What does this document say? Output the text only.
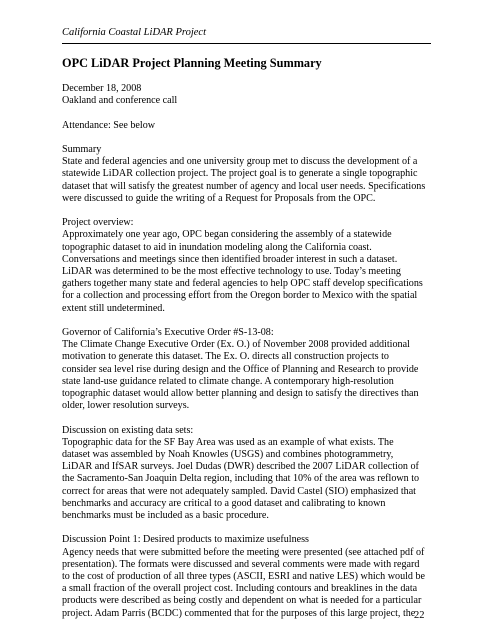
California Coastal LiDAR Project
OPC LiDAR Project Planning Meeting Summary
December 18, 2008
Oakland and conference call
Attendance: See below
Summary
State and federal agencies and one university group met to discuss the development of a
statewide LiDAR collection project. The project goal is to generate a single topographic
dataset that will satisfy the greatest number of agency and local user needs. Specifications
were discussed to guide the writing of a Request for Proposals from the OPC.
Project overview:
Approximately one year ago, OPC began considering the assembly of a statewide
topographic dataset to aid in inundation modeling along the California coast.
Conversations and meetings since then identified broader interest in such a dataset.
LiDAR was determined to be the most effective technology to use. Today’s meeting
gathers together many state and federal agencies to help OPC staff develop specifications
for a collection and processing effort from the Oregon border to Mexico with the spatial
extent still undetermined.
Governor of California’s Executive Order #S-13-08:
The Climate Change Executive Order (Ex. O.) of November 2008 provided additional
motivation to generate this dataset. The Ex. O. directs all construction projects to
consider sea level rise during design and the Office of Planning and Research to provide
state land-use guidance related to climate change. A contemporary high-resolution
topographic dataset would allow better planning and design to satisfy the directives than
older, lower resolution surveys.
Discussion on existing data sets:
Topographic data for the SF Bay Area was used as an example of what exists. The
dataset was assembled by Noah Knowles (USGS) and combines photogrammetry,
LiDAR and IfSAR surveys. Joel Dudas (DWR) described the 2007 LiDAR collection of
the Sacramento-San Joaquin Delta region, including that 10% of the area was reflown to
correct for areas that were not adequately sampled. David Castel (SIO) emphasized that
benchmarks and accuracy are critical to a good dataset and calibrating to known
benchmarks must be included as a basic procedure.
Discussion Point 1: Desired products to maximize usefulness
Agency needs that were submitted before the meeting were presented (see attached pdf of
presentation). The formats were discussed and several comments were made with regard
to the cost of production of all three types (ASCII, ESRI and native LES) which would be
a small fraction of the overall project cost. Including contours and breaklines in the data
products were described as being costly and dependent on what is needed for a particular
project. Adam Parris (BCDC) commented that for the purposes of this large project, the
22
